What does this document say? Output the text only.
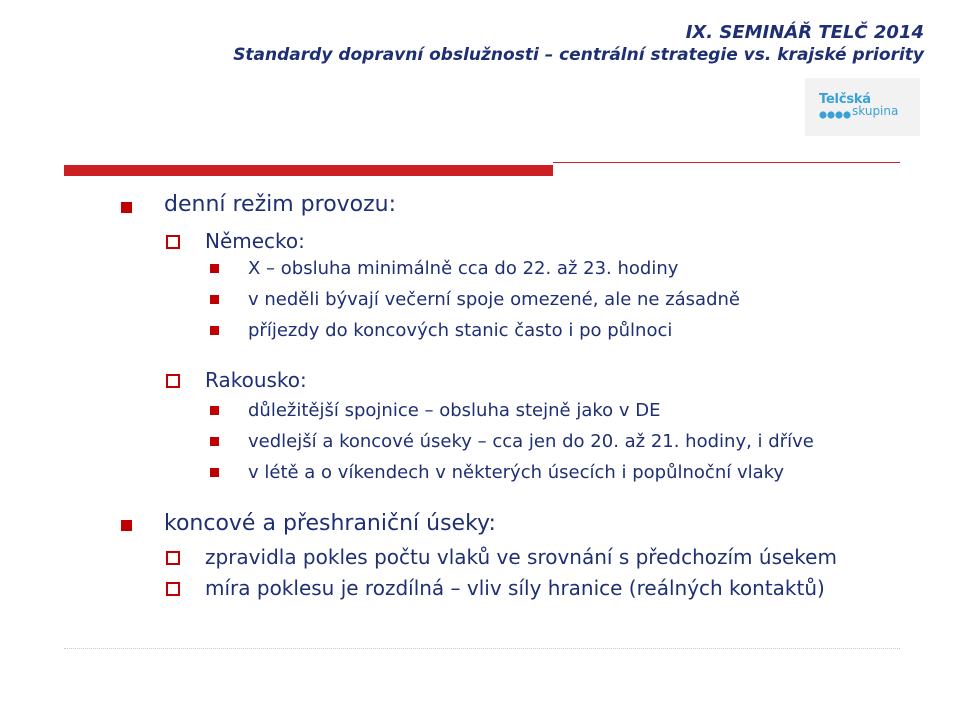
IX. SEMINÁŘ TELČ 2014
Standardy dopravní obslužnosti – centrální strategie vs. krajské priority
Telčská
skupina
denní režim provozu:
Německo:
X – obsluha minimálně cca do 22. až 23. hodiny
v neděli bývají večerní spoje omezené, ale ne zásadně
příjezdy do koncových stanic často i po půlnoci
Rakousko:
důležitější spojnice – obsluha stejně jako v DE
vedlejší a koncové úseky – cca jen do 20. až 21. hodiny, i dříve
v létě a o víkendech v některých úsecích i popůlnoční vlaky
koncové a přeshraniční úseky:
zpravidla pokles počtu vlaků ve srovnání s předchozím úsekem
míra poklesu je rozdílná – vliv síly hranice (reálných kontaktů)
